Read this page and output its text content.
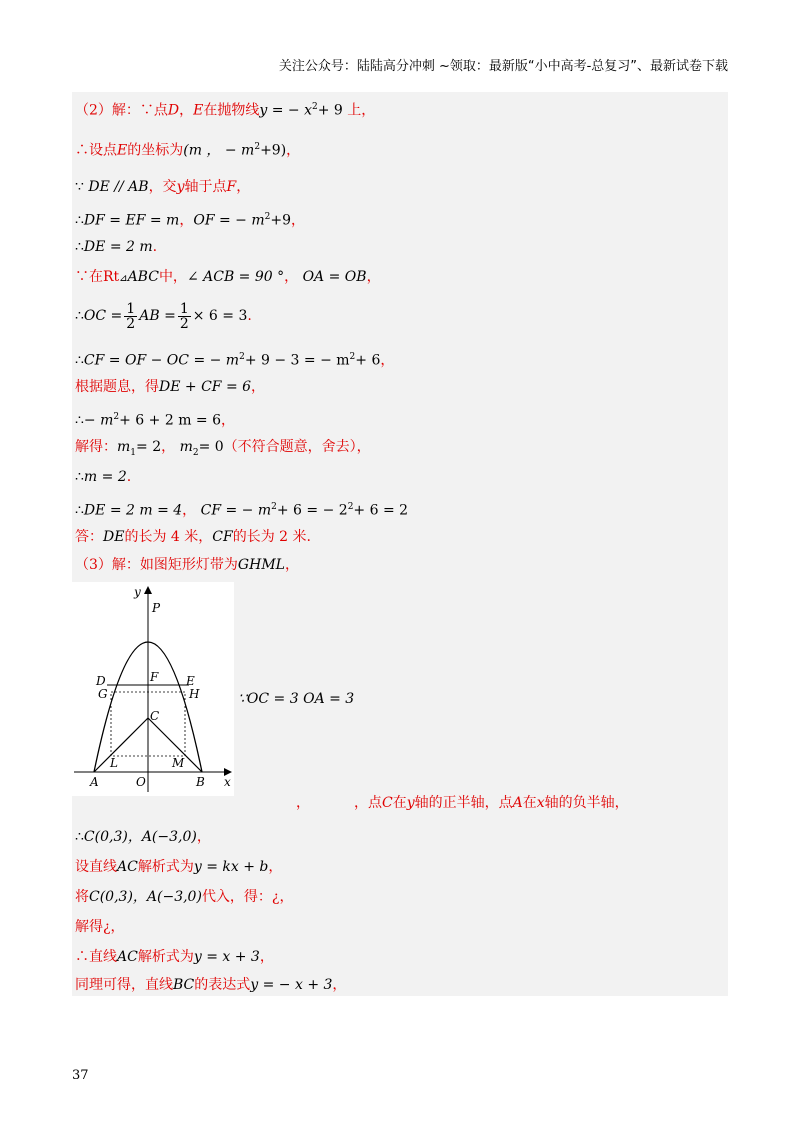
关注公众号：陆陆高分冲刺 ~领取：最新版“小中高考-总复习”、最新试卷下载
（2）解：∵点D，E在抛物线y = − $x^2+ 9$ 上，
∴设点E的坐标为(m ， − $m^2+9$)，
∵ DE // AB，交y轴于点F，
∴DF = EF = m，OF = − $m^2+9$，
∴DE = 2 m.
∵在Rt⊿ABC中，∠ ACB = 90 °， OA = OB，
∴OC = $\frac{1}{2}$ AB = $\frac{1}{2} \times 6 = 3$.
∴CF = OF − OC = − $m^2+ 9 - 3$ = − $m^2+ 6$，
根据题息，得DE + CF = 6，
∴− $m^2+ 6 + 2$ m = 6，
解得：$m_1= 2$， $m_2= 0$（不符合题意，舍去），
∴m = 2.
∴DE = 2 m = 4， CF = − $m^2+ 6$ = − $2^2+ 6 = 2$
答：DE的长为 4 米，CF的长为 2 米.
（3）解：如图矩形灯带为GHML，
y
P
D	F E
G	H
C
L	M
A	O	B x
∵OC = 3 OA = 3
，	，点C在y轴的正半轴，点A在x轴的负半轴，
∴C(0,3)，A(−3,0)，
设直线AC解析式为y = kx + b，
将C(0,3)，A(−3,0)代入，得：¿，
解得¿，
∴直线AC解析式为y = x + 3，
同理可得，直线BC的表达式y = − x + 3，
37
